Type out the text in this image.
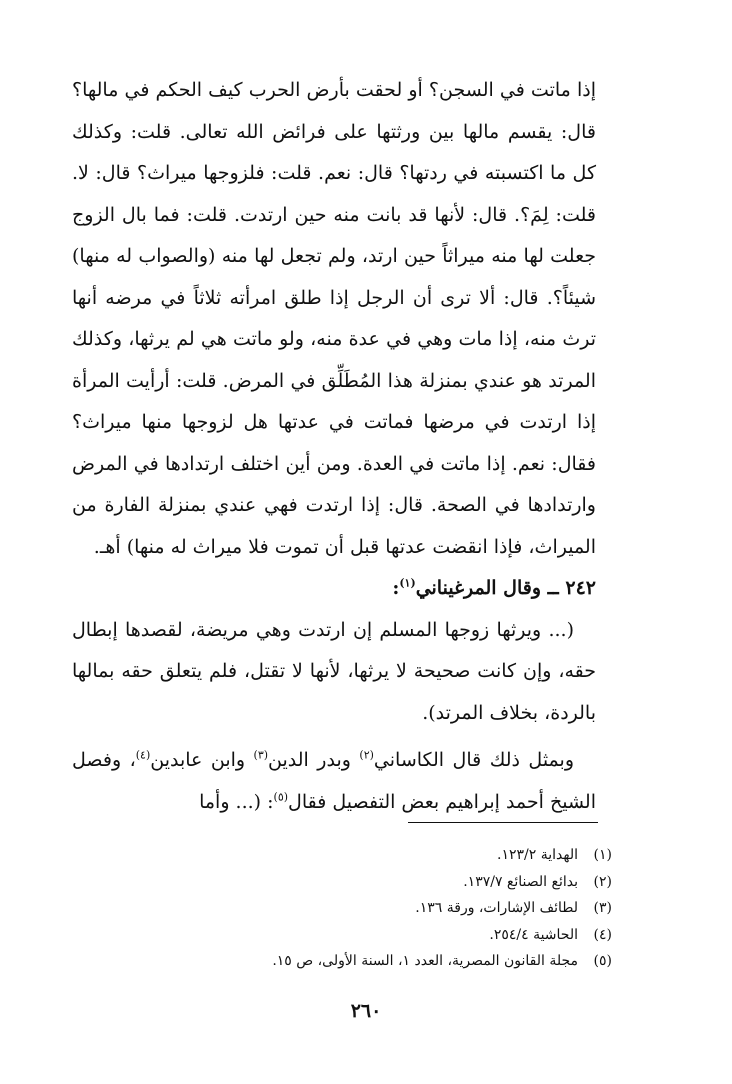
إذا ماتت في السجن؟ أو لحقت بأرض الحرب كيف الحكم في مالها؟ قال: يقسم مالها بين ورثتها على فرائض الله تعالى. قلت: وكذلك كل ما اكتسبته في ردتها؟ قال: نعم. قلت: فلزوجها ميراث؟ قال: لا. قلت: لِمَ؟. قال: لأنها قد بانت منه حين ارتدت. قلت: فما بال الزوج جعلت لها منه ميراثاً حين ارتد، ولم تجعل لها منه (والصواب له منها) شيئاً؟. قال: ألا ترى أن الرجل إذا طلق امرأته ثلاثاً في مرضه أنها ترث منه، إذا مات وهي في عدة منه، ولو ماتت هي لم يرثها، وكذلك المرتد هو عندي بمنزلة هذا المُطَلِّق في المرض. قلت: أرأيت المرأة إذا ارتدت في مرضها فماتت في عدتها هل لزوجها منها ميراث؟ فقال: نعم. إذا ماتت في العدة. ومن أين اختلف ارتدادها في المرض وارتدادها في الصحة. قال: إذا ارتدت فهي عندي بمنزلة الفارة من الميراث، فإذا انقضت عدتها قبل أن تموت فلا ميراث له منها) أهـ.

٢٤٢ ــ وقال المرغيناني$^{(١)}$:

(... ويرثها زوجها المسلم إن ارتدت وهي مريضة، لقصدها إبطال حقه، وإن كانت صحيحة لا يرثها، لأنها لا تقتل، فلم يتعلق حقه بمالها بالردة، بخلاف المرتد).

وبمثل ذلك قال الكاساني$^{(٢)}$ وبدر الدين$^{(٣)}$ وابن عابدين$^{(٤)}$، وفصل الشيخ أحمد إبراهيم بعض التفصيل فقال$^{(٥)}$: (... وأما

(١)الهداية ١٢٣/٢.

(٢)بدائع الصنائع ١٣٧/٧.

(٣)لطائف الإشارات، ورقة ١٣٦.

(٤)الحاشية ٢٥٤/٤.

(٥)مجلة القانون المصرية، العدد ١، السنة الأولى، ص ١٥.

٢٦٠
